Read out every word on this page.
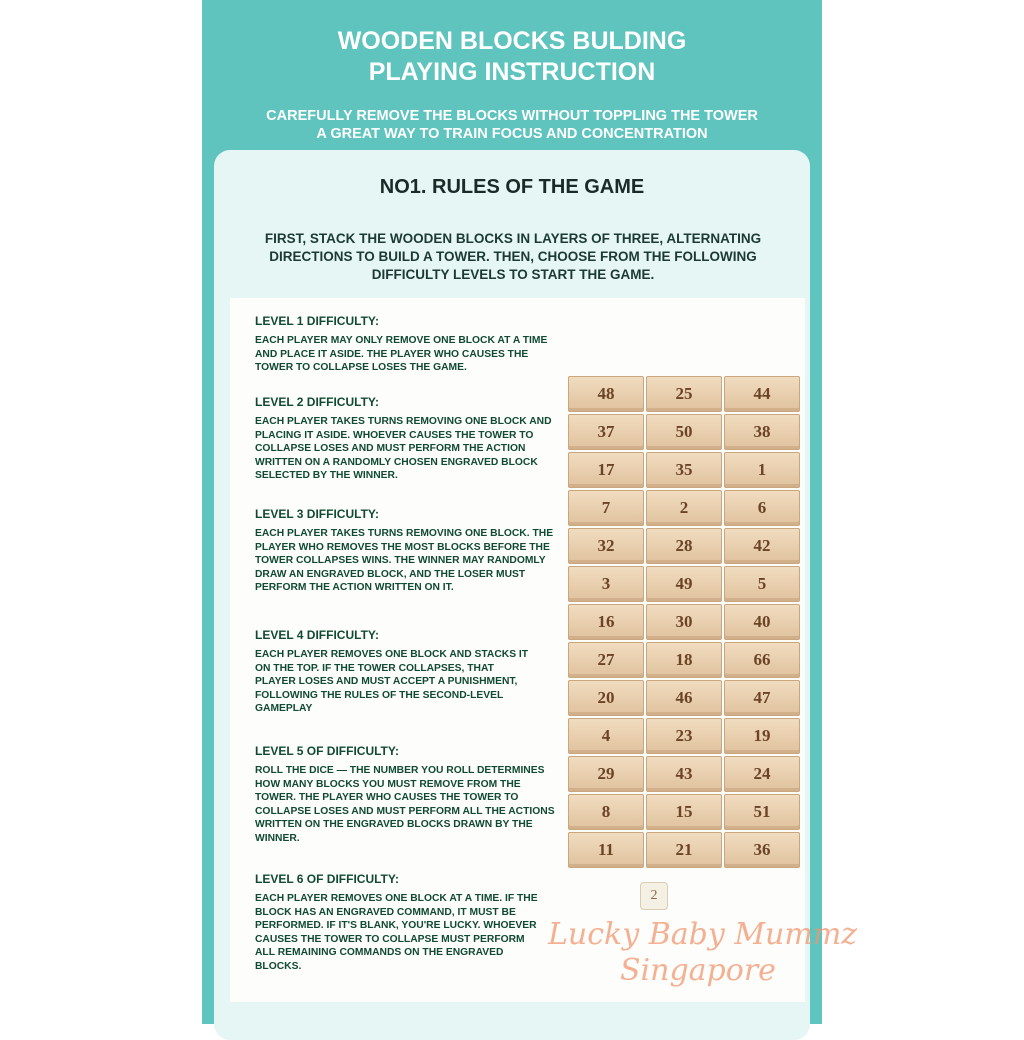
WOODEN BLOCKS BULDING
PLAYING INSTRUCTION
CAREFULLY REMOVE THE BLOCKS WITHOUT TOPPLING THE TOWER
A GREAT WAY TO TRAIN FOCUS AND CONCENTRATION
NO1. RULES OF THE GAME
FIRST, STACK THE WOODEN BLOCKS IN LAYERS OF THREE, ALTERNATING DIRECTIONS TO BUILD A TOWER. THEN, CHOOSE FROM THE FOLLOWING DIFFICULTY LEVELS TO START THE GAME.
LEVEL 1 DIFFICULTY:

EACH PLAYER MAY ONLY REMOVE ONE BLOCK AT A TIME AND PLACE IT ASIDE. THE PLAYER WHO CAUSES THE TOWER TO COLLAPSE LOSES THE GAME.

LEVEL 2 DIFFICULTY:

EACH PLAYER TAKES TURNS REMOVING ONE BLOCK AND PLACING IT ASIDE. WHOEVER CAUSES THE TOWER TO COLLAPSE LOSES AND MUST PERFORM THE ACTION WRITTEN ON A RANDOMLY CHOSEN ENGRAVED BLOCK SELECTED BY THE WINNER.

LEVEL 3 DIFFICULTY:

EACH PLAYER TAKES TURNS REMOVING ONE BLOCK. THE PLAYER WHO REMOVES THE MOST BLOCKS BEFORE THE TOWER COLLAPSES WINS. THE WINNER MAY RANDOMLY DRAW AN ENGRAVED BLOCK, AND THE LOSER MUST PERFORM THE ACTION WRITTEN ON IT.

LEVEL 4 DIFFICULTY:

EACH PLAYER REMOVES ONE BLOCK AND STACKS IT ON THE TOP. IF THE TOWER COLLAPSES, THAT PLAYER LOSES AND MUST ACCEPT A PUNISHMENT, FOLLOWING THE RULES OF THE SECOND-LEVEL GAMEPLAY

LEVEL 5 OF DIFFICULTY:

ROLL THE DICE — THE NUMBER YOU ROLL DETERMINES HOW MANY BLOCKS YOU MUST REMOVE FROM THE TOWER. THE PLAYER WHO CAUSES THE TOWER TO COLLAPSE LOSES AND MUST PERFORM ALL THE ACTIONS WRITTEN ON THE ENGRAVED BLOCKS DRAWN BY THE WINNER.

LEVEL 6 OF DIFFICULTY:

EACH PLAYER REMOVES ONE BLOCK AT A TIME. IF THE BLOCK HAS AN ENGRAVED COMMAND, IT MUST BE PERFORMED. IF IT'S BLANK, YOU'RE LUCKY. WHOEVER CAUSES THE TOWER TO COLLAPSE MUST PERFORM ALL REMAINING COMMANDS ON THE ENGRAVED BLOCKS.

48	25	44
37	50	38
17	35	1
7	2	6
32	28	42
3	49	5
16	30	40
27	18	66
20	46	47
4	23	19
29	43	24
8	15	51
11	21	36
2
Lucky Baby Mummz
Singapore
